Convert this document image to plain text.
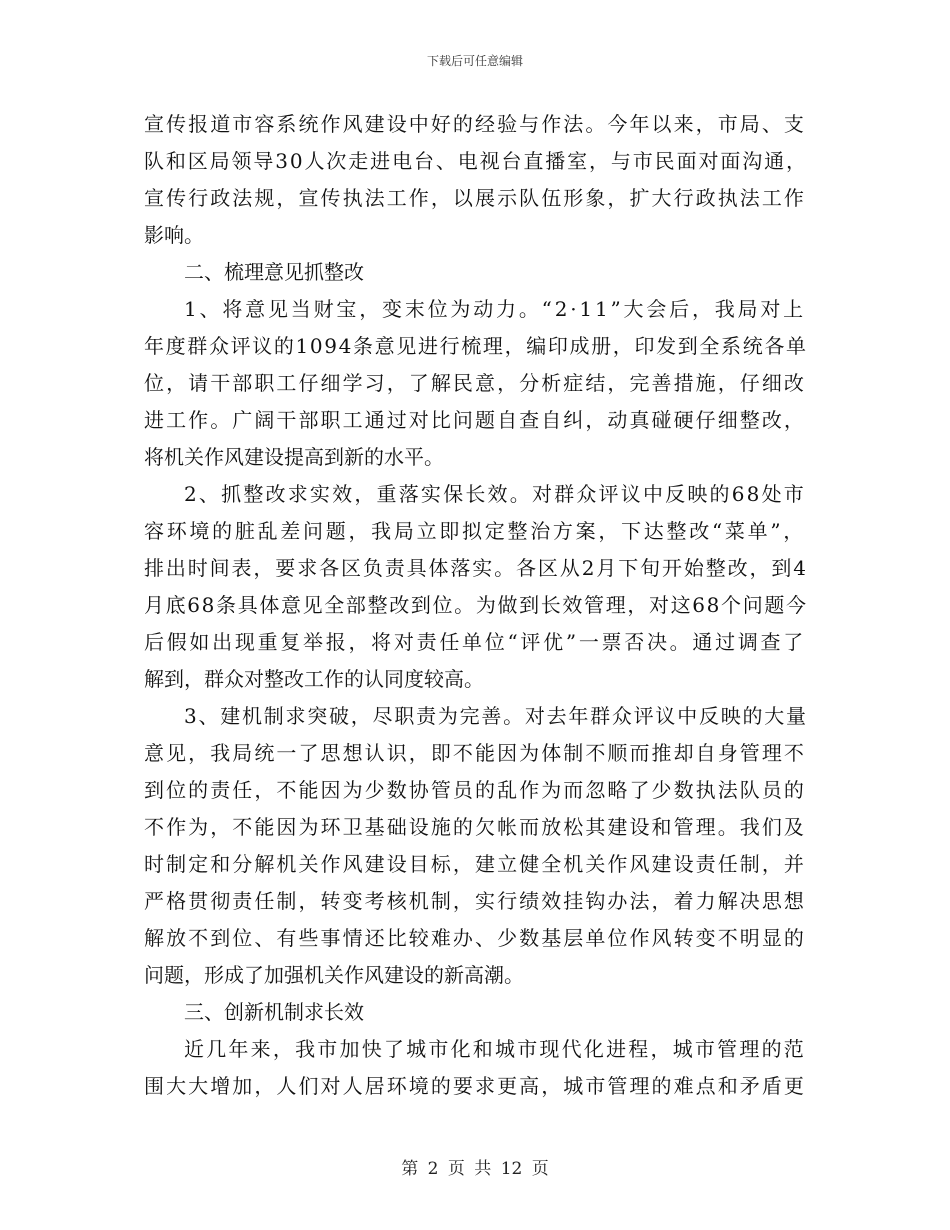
下载后可任意编辑
宣传报道市容系统作风建设中好的经验与作法。今年以来，市局、支
队和区局领导30人次走进电台、电视台直播室，与市民面对面沟通，
宣传行政法规，宣传执法工作，以展示队伍形象，扩大行政执法工作
影响。
二、梳理意见抓整改
1、将意见当财宝，变末位为动力。“2·11”大会后，我局对上
年度群众评议的1094条意见进行梳理，编印成册，印发到全系统各单
位，请干部职工仔细学习，了解民意，分析症结，完善措施，仔细改
进工作。广阔干部职工通过对比问题自查自纠，动真碰硬仔细整改，
将机关作风建设提高到新的水平。
2、抓整改求实效，重落实保长效。对群众评议中反映的68处市
容环境的脏乱差问题，我局立即拟定整治方案，下达整改“菜单”，
排出时间表，要求各区负责具体落实。各区从2月下旬开始整改，到4
月底68条具体意见全部整改到位。为做到长效管理，对这68个问题今
后假如出现重复举报，将对责任单位“评优”一票否决。通过调查了
解到，群众对整改工作的认同度较高。
3、建机制求突破，尽职责为完善。对去年群众评议中反映的大量
意见，我局统一了思想认识，即不能因为体制不顺而推却自身管理不
到位的责任，不能因为少数协管员的乱作为而忽略了少数执法队员的
不作为，不能因为环卫基础设施的欠帐而放松其建设和管理。我们及
时制定和分解机关作风建设目标，建立健全机关作风建设责任制，并
严格贯彻责任制，转变考核机制，实行绩效挂钩办法，着力解决思想
解放不到位、有些事情还比较难办、少数基层单位作风转变不明显的
问题，形成了加强机关作风建设的新高潮。
三、创新机制求长效
近几年来，我市加快了城市化和城市现代化进程，城市管理的范
围大大增加，人们对人居环境的要求更高，城市管理的难点和矛盾更
第 2 页 共 12 页
